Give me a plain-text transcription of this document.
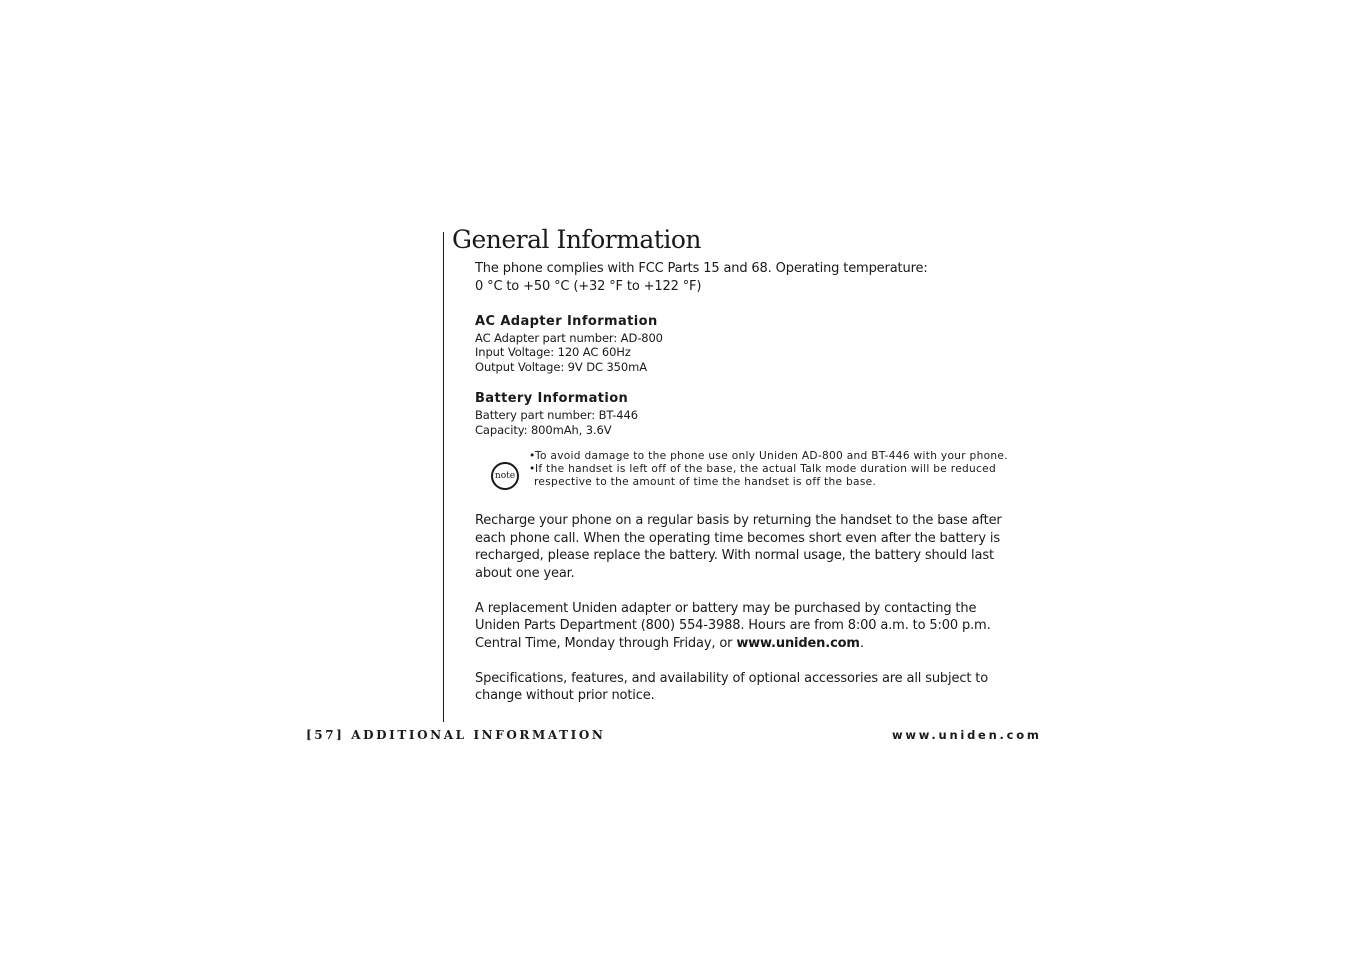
General Information

The phone complies with FCC Parts 15 and 68. Operating temperature:
0 °C to +50 °C (+32 °F to +122 °F)

AC Adapter Information

AC Adapter part number: AD-800
Input Voltage: 120 AC 60Hz
Output Voltage: 9V DC 350mA

Battery Information

Battery part number: BT-446
Capacity: 800mAh, 3.6V

note
•To avoid damage to the phone use only Uniden AD-800 and BT-446 with your phone.
•If the handset is left off of the base, the actual Talk mode duration will be reduced
respective to the amount of time the handset is off the base.

Recharge your phone on a regular basis by returning the handset to the base after
each phone call. When the operating time becomes short even after the battery is
recharged, please replace the battery. With normal usage, the battery should last
about one year.

A replacement Uniden adapter or battery may be purchased by contacting the
Uniden Parts Department (800) 554-3988. Hours are from 8:00 a.m. to 5:00 p.m.
Central Time, Monday through Friday, or www.uniden.com.

Specifications, features, and availability of optional accessories are all subject to
change without prior notice.

[57] ADDITIONAL INFORMATION	www.uniden.com
